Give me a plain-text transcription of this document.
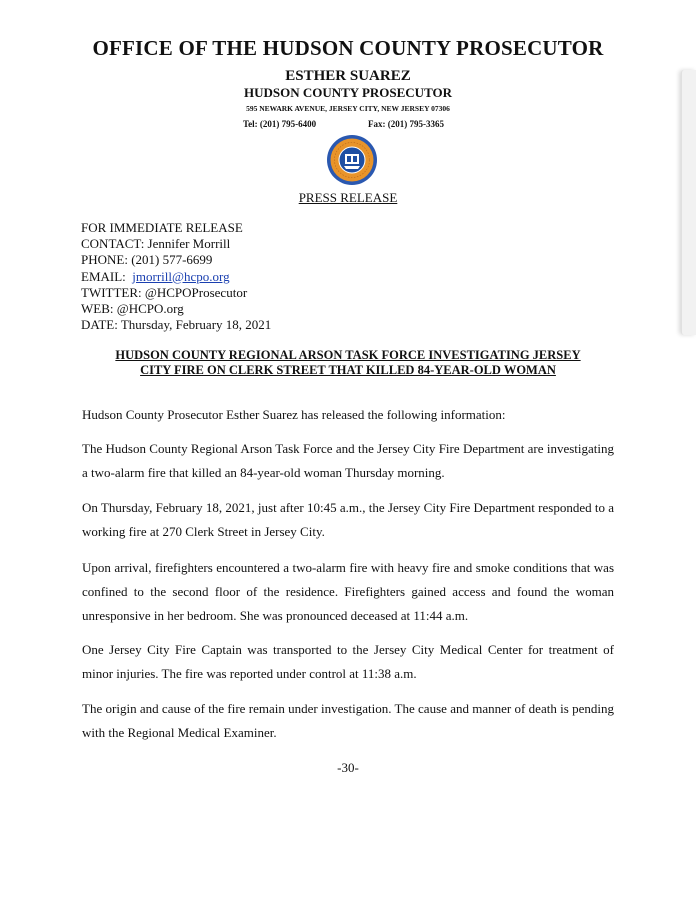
OFFICE OF THE HUDSON COUNTY PROSECUTOR
ESTHER SUAREZ
HUDSON COUNTY PROSECUTOR
595 NEWARK AVENUE, JERSEY CITY, NEW JERSEY 07306
Tel: (201) 795-6400	Fax: (201) 795-3365
PRESS RELEASE
FOR IMMEDIATE RELEASE
CONTACT: Jennifer Morrill
PHONE: (201) 577-6699
EMAIL:  jmorrill@hcpo.org
TWITTER: @HCPOProsecutor
WEB: @HCPO.org
DATE: Thursday, February 18, 2021
HUDSON COUNTY REGIONAL ARSON TASK FORCE INVESTIGATING JERSEY
CITY FIRE ON CLERK STREET THAT KILLED 84-YEAR-OLD WOMAN
Hudson County Prosecutor Esther Suarez has released the following information:
The Hudson County Regional Arson Task Force and the Jersey City Fire Department are investigating a two-alarm fire that killed an 84-year-old woman Thursday morning.
On Thursday, February 18, 2021, just after 10:45 a.m., the Jersey City Fire Department responded to a working fire at 270 Clerk Street in Jersey City.
Upon arrival, firefighters encountered a two-alarm fire with heavy fire and smoke conditions that was confined to the second floor of the residence. Firefighters gained access and found the woman unresponsive in her bedroom. She was pronounced deceased at 11:44 a.m.
One Jersey City Fire Captain was transported to the Jersey City Medical Center for treatment of minor injuries. The fire was reported under control at 11:38 a.m.
The origin and cause of the fire remain under investigation. The cause and manner of death is pending with the Regional Medical Examiner.
-30-
